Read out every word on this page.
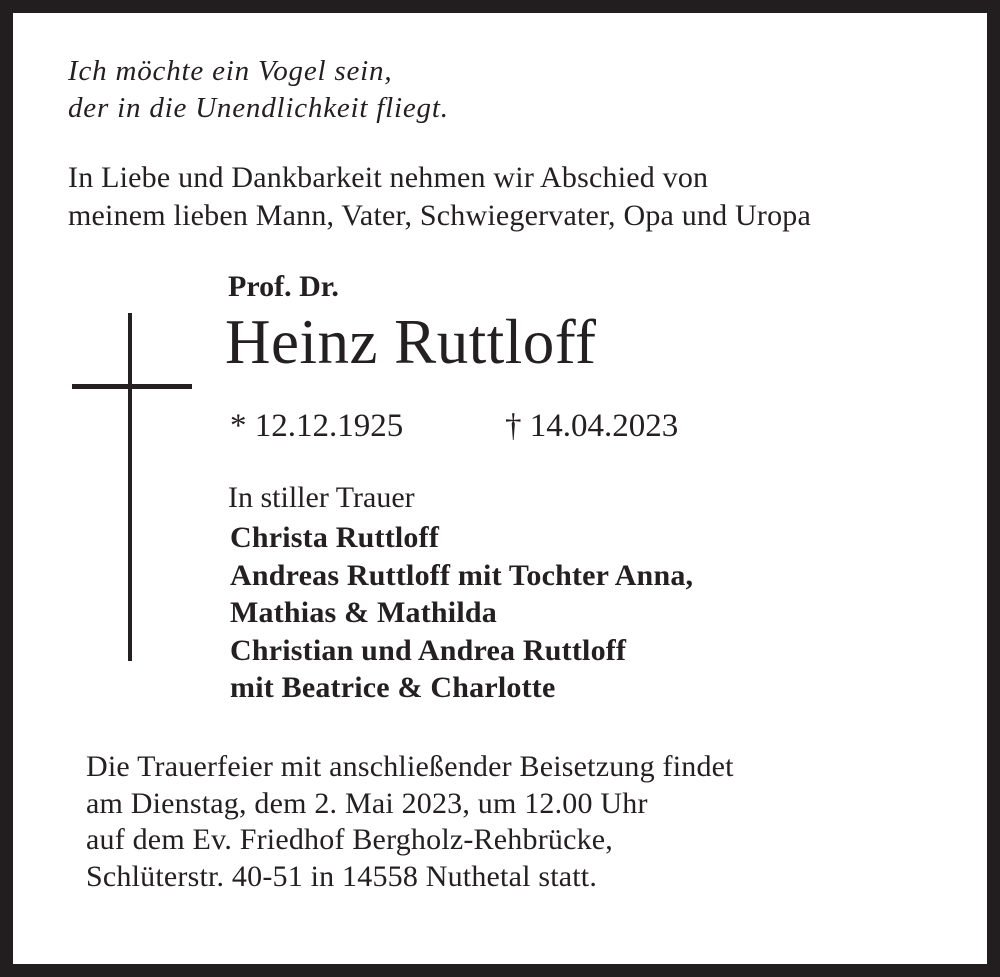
Ich möchte ein Vogel sein,
der in die Unendlichkeit fliegt.
In Liebe und Dankbarkeit nehmen wir Abschied von
meinem lieben Mann, Vater, Schwiegervater, Opa und Uropa
Prof. Dr.
Heinz Ruttloff
* 12.12.1925	† 14.04.2023
In stiller Trauer
Christa Ruttloff
Andreas Ruttloff mit Tochter Anna,
Mathias & Mathilda
Christian und Andrea Ruttloff
mit Beatrice & Charlotte
Die Trauerfeier mit anschließender Beisetzung findet
am Dienstag, dem 2. Mai 2023, um 12.00 Uhr
auf dem Ev. Friedhof Bergholz-Rehbrücke,
Schlüterstr. 40-51 in 14558 Nuthetal statt.
